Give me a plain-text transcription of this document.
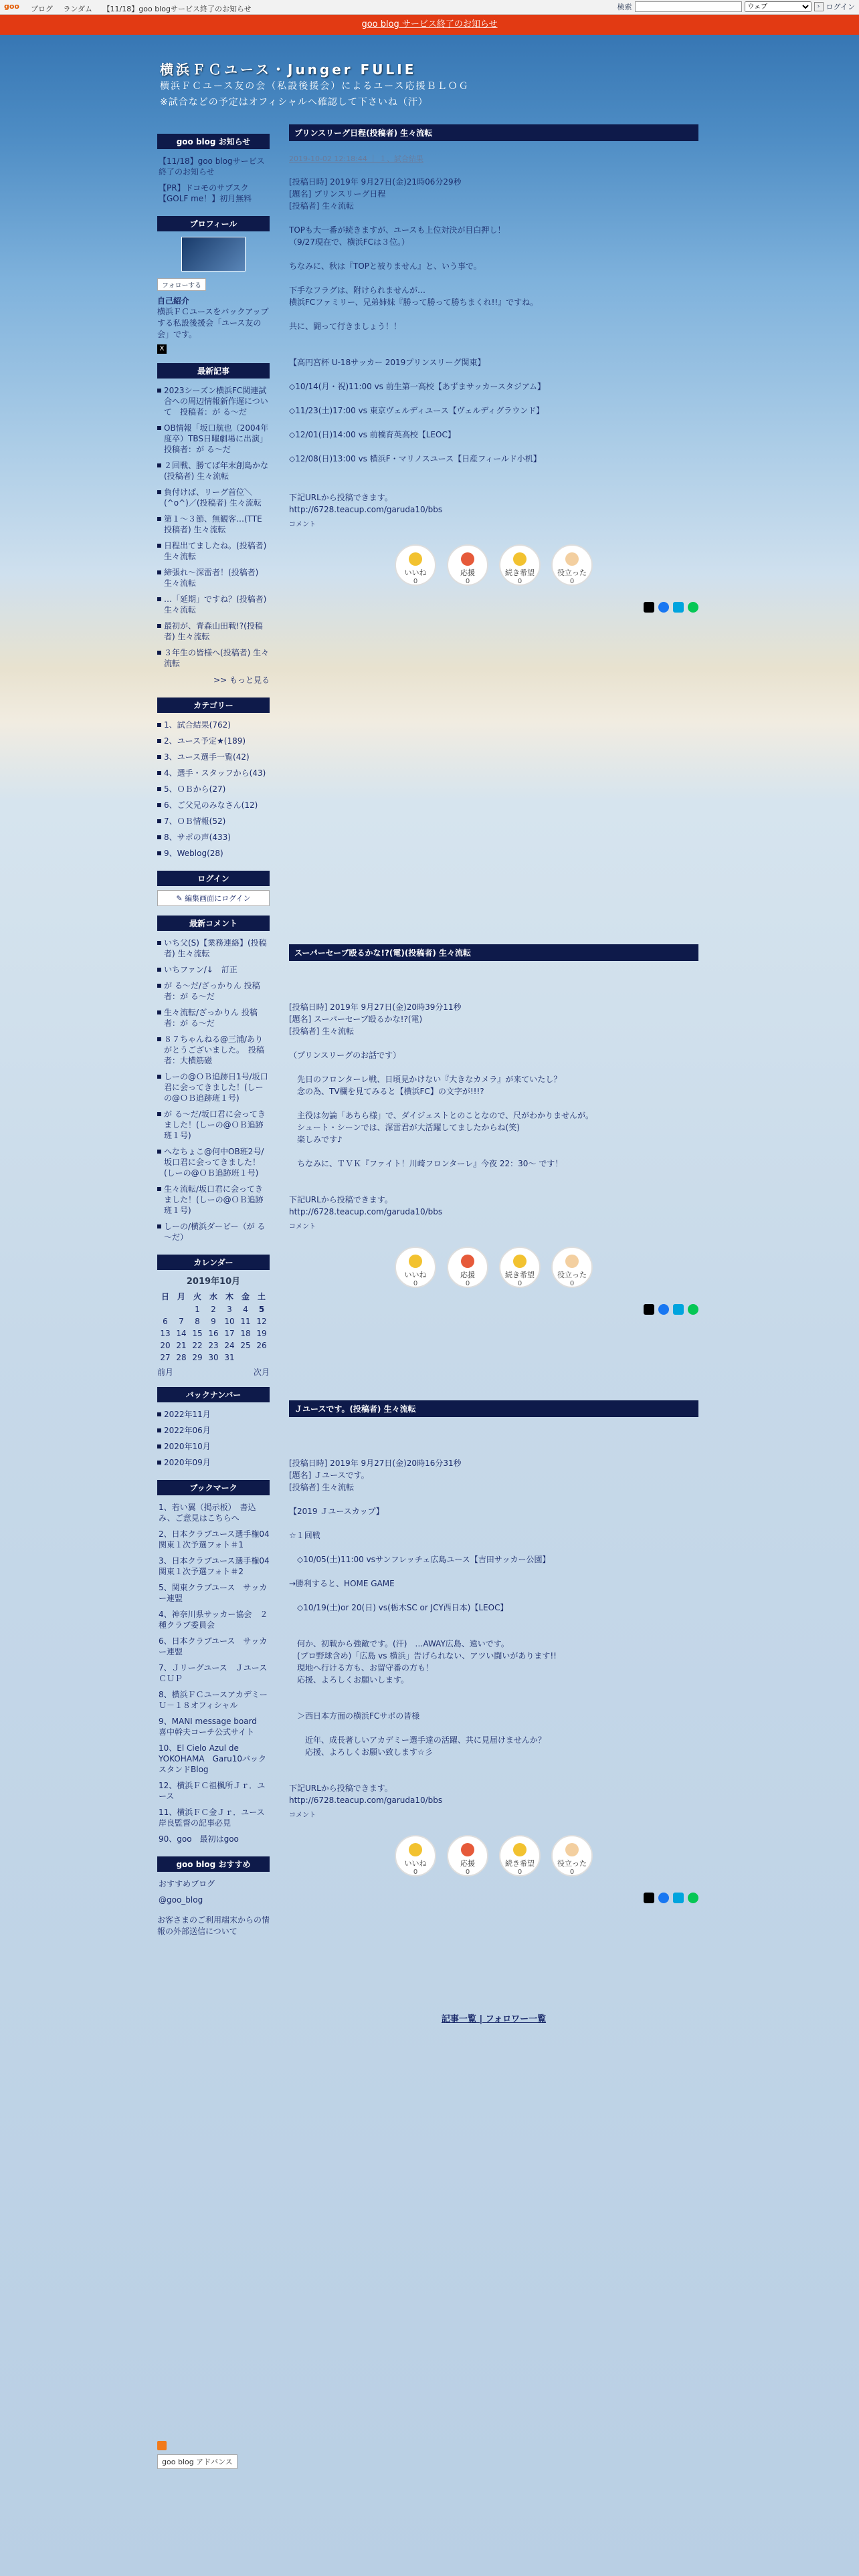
goo ブログ ランダム 【11/18】goo blogサービス終了のお知らせ	検索
ウェブ	› ログイン
goo blog サービス終了のお知らせ
横浜ＦＣユース・Junger FULIE
横浜ＦＣユース友の会（私設後援会）によるユース応援ＢＬＯＧ
※試合などの予定はオフィシャルへ確認して下さいね（汗）
goo blog お知らせ
【11/18】goo blogサービス終了のお知らせ
【PR】ドコモのサブスク【GOLF me！】初月無料
プロフィール
フォローする
自己紹介
横浜ＦＣユースをバックアップする私設後援会「ユース友の会」です。
X
最新記事
2023シーズン横浜FC関連試合への周辺情報新作遅について　投稿者：が る～だ
OB情報「坂口航也（2004年度卒）TBS日曜劇場に出演」 投稿者：が る～だ
２回戦、勝てば年末創島かな(投稿者) 生々流転
負付けば、リーグ首位＼(^o^)／(投稿者) 生々流転
第１～３節、無観客…(TTE投稿者) 生々流転
日程出てましたね。(投稿者) 生々流転
締張れ～深雷者！(投稿者) 生々流転
…「延期」ですね？(投稿者) 生々流転
最初が、青森山田戦!?(投稿者) 生々流転
３年生の皆様へ(投稿者) 生々流転
>> もっと見る
カテゴリー
1、試合結果(762)
2、ユース予定★(189)
3、ユース選手一覧(42)
4、選手・スタッフから(43)
5、ＯＢから(27)
6、ご父兄のみなさん(12)
7、ＯＢ情報(52)
8、サポの声(433)
9、Weblog(28)
ログイン
✎ 編集画面にログイン
最新コメント
いち父(S)【業務連絡】(投稿者) 生々流転
いちファン/↓　訂正
が る～だ/ざっかりん 投稿者：が る～だ
生々流転/ざっかりん 投稿者：が る～だ
８７ちゃんねる@三浦/ありがとうございました。　投稿者：大横筋磁
しーの@ＯＢ追跡日1号/坂口君に会ってきました！(しーの@ＯＢ追跡班１号)
が る～だ/坂口君に会ってきました！(しーの@ＯＢ追跡班１号)
へなちょこ@何中OB班2号/坂口君に会ってきました！(しーの@ＯＢ追跡班１号)
生々流転/坂口君に会ってきました！(しーの@ＯＢ追跡班１号)
しーの/横浜ダービー（が る～だ）
カレンダー
2019年10月
日	月	火	水	木	金	土
		1	2	3	4	5
6	7	8	9	10	11	12
13	14	15	16	17	18	19
20	21	22	23	24	25	26
27	28	29	30	31		
前月	次月
バックナンバー
2022年11月
2022年06月
2020年10月
2020年09月
ブックマーク
1、若い翼（掲示板）　書込み、ご意見はこちらへ
2、日本クラブユース選手権04　関東１次予選フォト＃1
3、日本クラブユース選手権04　関東１次予選フォト＃2
5、関東クラブユース　サッカー連盟
4、神奈川県サッカー協会　２種クラブ委員会
6、日本クラブユース　サッカー連盟
7、Ｊリーグユース　ＪユースＣＵＰ
8、横浜ＦＣユースアカデミー　Ｕ－１８オフィシャル
9、MANI message board　喜中幹夫コーチ公式サイト
10、El Cielo Azul de YOKOHAMA　Garu10バックスタンドBlog
12、横浜ＦＣ祖楓所Ｊｒ．ユース
11、横浜ＦＣ金Ｊｒ．ユース　岸良監督の記事必見
90、goo　最初はgoo
goo blog おすすめ
おすすめブログ
@goo_blog
お客さまのご利用端末からの情報の外部送信について
goo blog アドバンス
プリンスリーグ日程(投稿者) 生々流転
2019-10-02 12:18:44 ｜ １、試合結果
[投稿日時] 2019年 9月27日(金)21時06分29秒
[題名] プリンスリーグ日程
[投稿者] 生々流転

TOPも大一番が続きますが、ユースも上位対決が目白押し！
（9/27現在で、横浜FCは３位。）

ちなみに、秋は『TOPと被りません』と、いう事で。

下手なフラグは、附けられませんが…
横浜FCファミリー、兄弟姉妹『勝って勝って勝ちまくれ!!』ですね。

共に、闘って行きましょう！！

【高円宮杯 U-18サッカー 2019プリンスリーグ関東】

◇10/14(月・祝)11:00 vs 前生第一高校【あずまサッカースタジアム】

◇11/23(土)17:00 vs 東京ヴェルディユース【ヴェルディグラウンド】

◇12/01(日)14:00 vs 前橋育英高校【LEOC】

◇12/08(日)13:00 vs 横浜F・マリノスユース【日産フィールド小机】
下記URLから投稿できます。
http://6728.teacup.com/garuda10/bbs
コメント
いいね
0
応援
0
続き希望
0
役立った
0
スーパーセーブ殴るかな!?(電)(投稿者) 生々流転
[投稿日時] 2019年 9月27日(金)20時39分11秒
[題名] スーパーセーブ殴るかな!?(電)
[投稿者] 生々流転

（プリンスリーグのお話です）

　先日のフロンターレ戦、日頃見かけない『大きなカメラ』が来ていたし？
　念の為、TV欄を見てみると【横浜FC】の文字が!!!?

　主役は勿論「あちら様」で、ダイジェストとのことなので、尺がわかりませんが。
　シュート・シーンでは、深雷君が大活躍してましたからね(笑)
　楽しみです♪

　ちなみに、ＴＶＫ『ファイト！川崎フロンターレ』今夜 22：30～ です！
下記URLから投稿できます。
http://6728.teacup.com/garuda10/bbs
コメント
いいね
0
応援
0
続き希望
0
役立った
0
Ｊユースです。(投稿者) 生々流転
[投稿日時] 2019年 9月27日(金)20時16分31秒
[題名] Ｊユースです。
[投稿者] 生々流転

【2019 Ｊユースカップ】

☆１回戦

　◇10/05(土)11:00 vsサンフレッチェ広島ユース【吉田サッカー公園】

→勝利すると、HOME GAME

　◇10/19(土)or 20(日) vs(栃木SC or JCY西日本)【LEOC】

　何か、初戦から強敵です。(汗)　…AWAY広島、遠いです。
　(プロ野球含め)「広島 vs 横浜」告げられない、アツい闘いがあります!!
　現地へ行ける方も、お留守番の方も！
　応援、よろしくお願いします。

　＞西日本方面の横浜FCサポの皆様

　　近年、成長著しいアカデミー選手達の活躍、共に見届けませんか？
　　応援、よろしくお願い致します☆彡
下記URLから投稿できます。
http://6728.teacup.com/garuda10/bbs
コメント
いいね
0
応援
0
続き希望
0
役立った
0
記事一覧 | フォロワー一覧
